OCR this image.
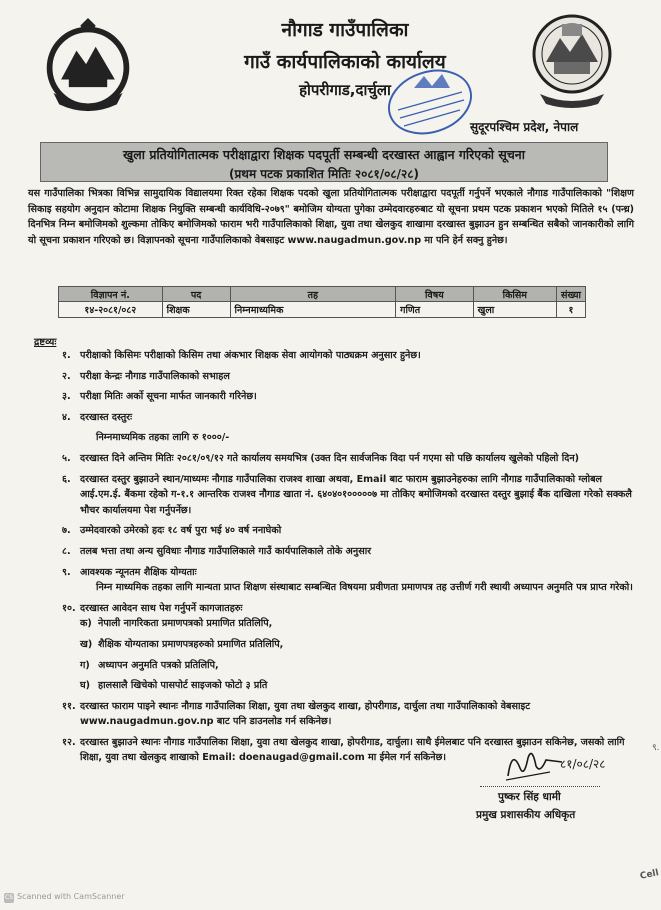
नौगाड गाउँपालिका
गाउँ कार्यपालिकाको कार्यालय
होपरीगाड,दार्चुला
सुदूरपश्चिम प्रदेश, नेपाल
खुला प्रतियोगितात्मक परीक्षाद्वारा शिक्षक पदपूर्ती सम्बन्धी दरखास्त आह्वान गरिएको सूचना
(प्रथम पटक प्रकाशित मितिः २०८१/०८/२८)
यस गाउँपालिका भित्रका विभिन्न सामुदायिक विद्यालयमा रिक्त रहेका शिक्षक पदको खुला प्रतियोगितात्मक परीक्षाद्वारा पदपूर्ती गर्नुपर्ने भएकाले नौगाड गाउँपालिकाको "शिक्षण सिकाइ सहयोग अनुदान कोटामा शिक्षक नियुक्ति सम्बन्धी कार्यविधि-२०७९" बमोजिम योग्यता पुगेका उम्मेदवारहरुबाट यो सूचना प्रथम पटक प्रकाशन भएको मितिले १५ (पन्ध्र) दिनभित्र निम्न बमोजिमको शुल्कमा तोकिए बमोजिमको फाराम भरी गाउँपालिकाको शिक्षा, युवा तथा खेलकुद शाखामा दरखास्त बुझाउन हुन सम्बन्धित सबैको जानकारीको लागि यो सूचना प्रकाशन गरिएको छ। विज्ञापनको सूचना गाउँपालिकाको वेबसाइट www.naugadmun.gov.np मा पनि हेर्न सक्नु हुनेछ।
विज्ञापन नं.	पद	तह	विषय	किसिम	संख्या
१४-२०८१/०८२	शिक्षक	निम्नमाध्यमिक	गणित	खुला	१
द्रष्टव्यः
१. परीक्षाको किसिमः परीक्षाको किसिम तथा अंकभार शिक्षक सेवा आयोगको पाठ्यक्रम अनुसार हुनेछ।
२. परीक्षा केन्द्रः नौगाड गाउँपालिकाको सभाहल
३. परीक्षा मितिः अर्को सूचना मार्फत जानकारी गरिनेछ।
४. दरखास्त दस्तुरः
निम्नमाध्यमिक तहका लागि रु १०००/-
५. दरखास्त दिने अन्तिम मितिः २०८१/०९/१२ गते कार्यालय समयभित्र (उक्त दिन सार्वजनिक विदा पर्न गएमा सो पछि कार्यालय खुलेको पहिलो दिन)
६. दरखास्त दस्तुर बुझाउने स्थान/माध्यमः नौगाड गाउँपालिका राजश्व शाखा अथवा, Email बाट फाराम बुझाउनेहरुका लागि नौगाड गाउँपालिकाको ग्लोबल आई.एम.ई. बैंकमा रहेको ग-१.१ आन्तरिक राजश्व नौगाड खाता नं. ६४०४०१०००००७ मा तोकिए बमोजिमको दरखास्त दस्तुर बुझाई बैंक दाखिला गरेको सक्कलै भौचर कार्यालयमा पेश गर्नुपर्नेछ।
७. उम्मेदवारको उमेरको हदः १८ वर्ष पुरा भई ४० वर्ष ननाघेको
८. तलब भत्ता तथा अन्य सुविधाः नौगाड गाउँपालिकाले गाउँ कार्यपालिकाले तोके अनुसार
९. आवश्यक न्यूनतम शैक्षिक योग्यताः
निम्न माध्यमिक तहका लागि मान्यता प्राप्त शिक्षण संस्थाबाट सम्बन्धित विषयमा प्रवीणता प्रमाणपत्र तह उत्तीर्ण गरी स्थायी अध्यापन अनुमति पत्र प्राप्त गरेको।
१०. दरखास्त आवेदन साथ पेश गर्नुपर्ने कागजातहरुः
क) नेपाली नागरिकता प्रमाणपत्रको प्रमाणित प्रतिलिपि,
ख) शैक्षिक योग्यताका प्रमाणपत्रहरुको प्रमाणित प्रतिलिपि,
ग) अध्यापन अनुमति पत्रको प्रतिलिपि,
घ) हालसालै खिचेको पासपोर्ट साइजको फोटो ३ प्रति
११. दरखास्त फाराम पाइने स्थानः नौगाड गाउँपालिका शिक्षा, युवा तथा खेलकुद शाखा, होपरीगाड, दार्चुला तथा गाउँपालिकाको वेबसाइट www.naugadmun.gov.np बाट पनि डाउनलोड गर्न सकिनेछ।
१२. दरखास्त बुझाउने स्थानः नौगाड गाउँपालिका शिक्षा, युवा तथा खेलकुद शाखा, होपरीगाड, दार्चुला। साथै ईमेलबाट पनि दरखास्त बुझाउन सकिनेछ, जसको लागि शिक्षा, युवा तथा खेलकुद शाखाको Email: doenaugad@gmail.com मा ईमेल गर्न सकिनेछ।	८१/०८/२८
पुष्कर सिंह धामी
प्रमुख प्रशासकीय अधिकृत
९.
Cell
CS Scanned with CamScanner
